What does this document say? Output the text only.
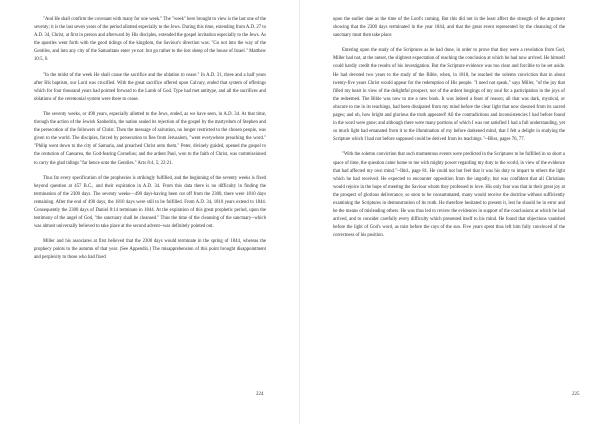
"And He shall confirm the covenant with many for one week." The "week" here brought to view is the last one of the seventy; it is the last seven years of the period allotted especially to the Jews. During this time, extending from A.D. 27 to A.D. 34, Christ, at first in person and afterward by His disciples, extended the gospel invitation especially to the Jews. As the apostles went forth with the good tidings of the kingdom, the Saviour's direction was: "Go not into the way of the Gentiles, and into any city of the Samaritans enter ye not: but go rather to the lost sheep of the house of Israel." Matthew 10:5, 6.

"In the midst of the week He shall cause the sacrifice and the oblation to cease." In A.D. 31, three and a half years after His baptism, our Lord was crucified. With the great sacrifice offered upon Calvary, ended that system of offerings which for four thousand years had pointed forward to the Lamb of God. Type had met antitype, and all the sacrifices and oblations of the ceremonial system were there to cease.

The seventy weeks, or 490 years, especially allotted to the Jews, ended, as we have seen, in A.D. 34. At that time, through the action of the Jewish Sanhedrin, the nation sealed its rejection of the gospel by the martyrdom of Stephen and the persecution of the followers of Christ. Then the message of salvation, no longer restricted to the chosen people, was given to the world. The disciples, forced by persecution to flee from Jerusalem, "went everywhere preaching the word." "Philip went down to the city of Samaria, and preached Christ unto them." Peter, divinely guided, opened the gospel to the centurion of Caesarea, the God-fearing Cornelius; and the ardent Paul, won to the faith of Christ, was commissioned to carry the glad tidings "far hence unto the Gentiles." Acts 8:4, 5; 22:21.

Thus far every specification of the prophecies is strikingly fulfilled, and the beginning of the seventy weeks is fixed beyond question at 457 B.C., and their expiration in A.D. 34. From this data there is no difficulty in finding the termination of the 2300 days. The seventy weeks—490 days-having been cut off from the 2300, there were 1810 days remaining. After the end of 490 days, the 1810 days were still to be fulfilled. From A.D. 34, 1810 years extend to 1844. Consequently the 2300 days of Daniel 8:14 terminate in 1844. At the expiration of this great prophetic period, upon the testimony of the angel of God, "the sanctuary shall be cleansed." Thus the time of the cleansing of the sanctuary--which was almost universally believed to take place at the second advent--was definitely pointed out.

Miller and his associates at first believed that the 2300 days would terminate in the spring of 1844, whereas the prophecy points to the autumn of that year. (See Appendix.) The misapprehension of this point brought disappointment and perplexity to those who had fixed

224

upon the earlier date as the time of the Lord's coming. But this did not in the least affect the strength of the argument showing that the 2300 days terminated in the year 1844, and that the great event represented by the cleansing of the sanctuary must then take place.

Entering upon the study of the Scriptures as he had done, in order to prove that they were a revelation from God, Miller had not, at the outset, the slightest expectation of reaching the conclusion at which he had now arrived. He himself could hardly credit the results of his investigation. But the Scripture evidence was too clear and forcible to be set aside. He had devoted two years to the study of the Bible, when, in 1818, he reached the solemn conviction that in about twenty-five years Christ would appear for the redemption of His people. "I need not speak," says Miller, "of the joy that filled my heart in view of the delightful prospect, nor of the ardent longings of my soul for a participation in the joys of the redeemed. The Bible was now to me a new book. It was indeed a feast of reason; all that was dark, mystical, or obscure to me in its teachings, had been dissipated from my mind before the clear light that now dawned from its sacred pages; and oh, how bright and glorious the truth appeared! All the contradictions and inconsistencies I had before found in the word were gone; and although there were many portions of which I was not satisfied I had a full understanding, yet so much light had emanated from it to the illumination of my before darkened mind, that I felt a delight in studying the Scripture which I had not before supposed could be derived from its teachings."--Bliss, pages 76, 77.

"With the solemn conviction that such momentous events were predicted in the Scriptures to be fulfilled in so short a space of time, the question came home to me with mighty power regarding my duty to the world, in view of the evidence that had affected my own mind."--Ibid., page 81. He could not but feel that it was his duty to impart to others the light which he had received. He expected to encounter opposition from the ungodly, but was confident that all Christians would rejoice in the hope of meeting the Saviour whom they professed to love. His only fear was that in their great joy at the prospect of glorious deliverance, so soon to be consummated, many would receive the doctrine without sufficiently examining the Scriptures in demonstration of its truth. He therefore hesitated to present it, lest he should be in error and be the means of misleading others. He was thus led to review the evidences in support of the conclusions at which he had arrived, and to consider carefully every difficulty which presented itself to his mind. He found that objections vanished before the light of God's word, as mist before the rays of the sun. Five years spent thus left him fully convinced of the correctness of his position.

225
